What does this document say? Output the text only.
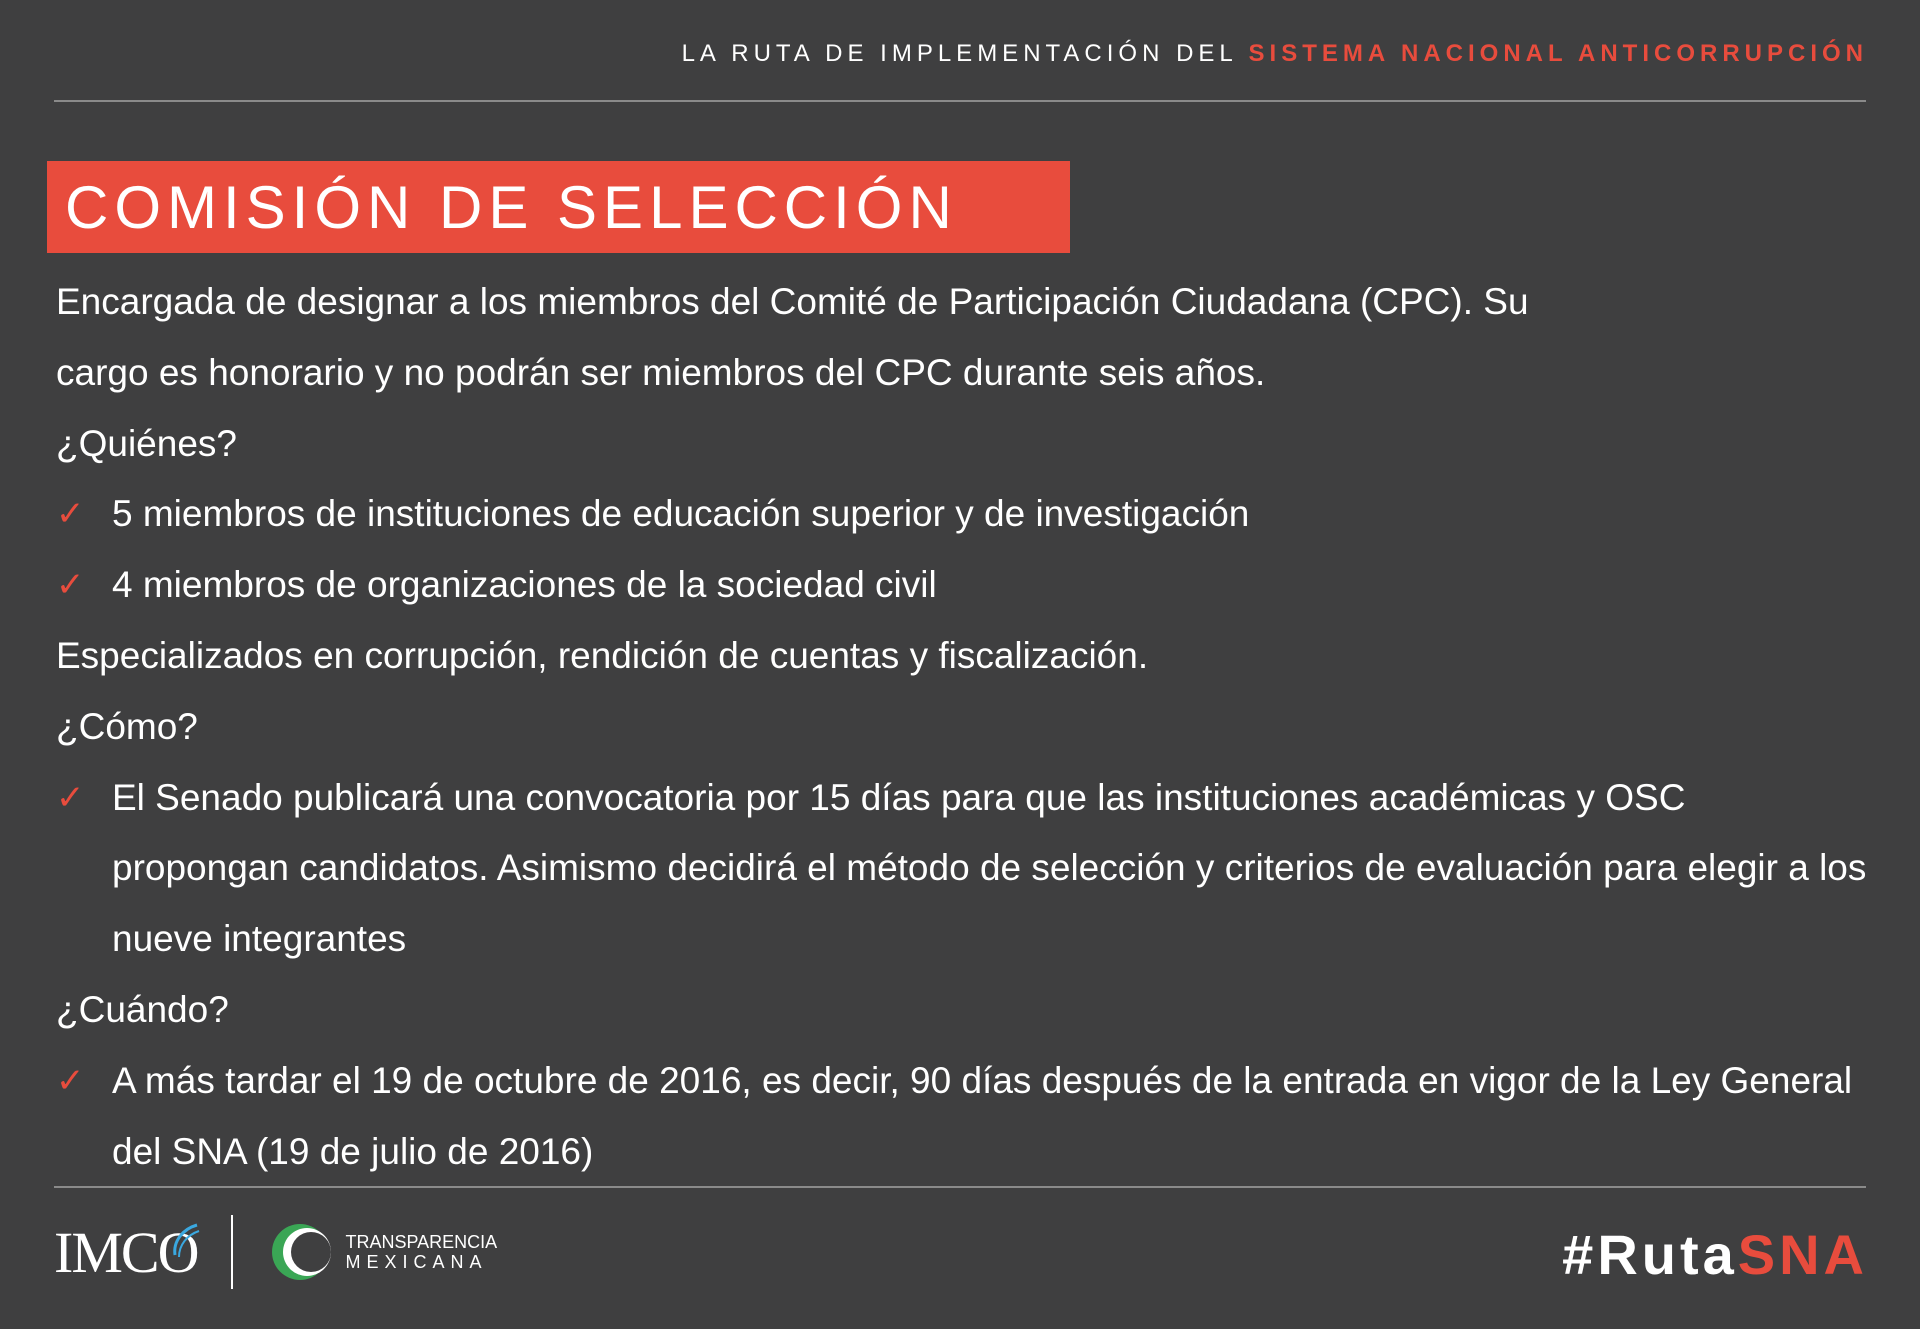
LA RUTA DE IMPLEMENTACIÓN DEL SISTEMA NACIONAL ANTICORRUPCIÓN
COMISIÓN DE SELECCIÓN

Encargada de designar a los miembros del Comité de Participación Ciudadana (CPC). Su

cargo es honorario y no podrán ser miembros del CPC durante seis años.

¿Quiénes?

✓ 5 miembros de instituciones de educación superior y de investigación
✓ 4 miembros de organizaciones de la sociedad civil

Especializados en corrupción, rendición de cuentas y fiscalización.

¿Cómo?

✓ El Senado publicará una convocatoria por 15 días para que las instituciones académicas y OSC propongan candidatos. Asimismo decidirá el método de selección y criterios de evaluación para elegir a los nueve integrantes

¿Cuándo?

✓ A más tardar el 19 de octubre de 2016, es decir, 90 días después de la entrada en vigor de la Ley General del SNA (19 de julio de 2016)
IMCO	TRANSPARENCIA
MEXICANA	#RutaSNA
